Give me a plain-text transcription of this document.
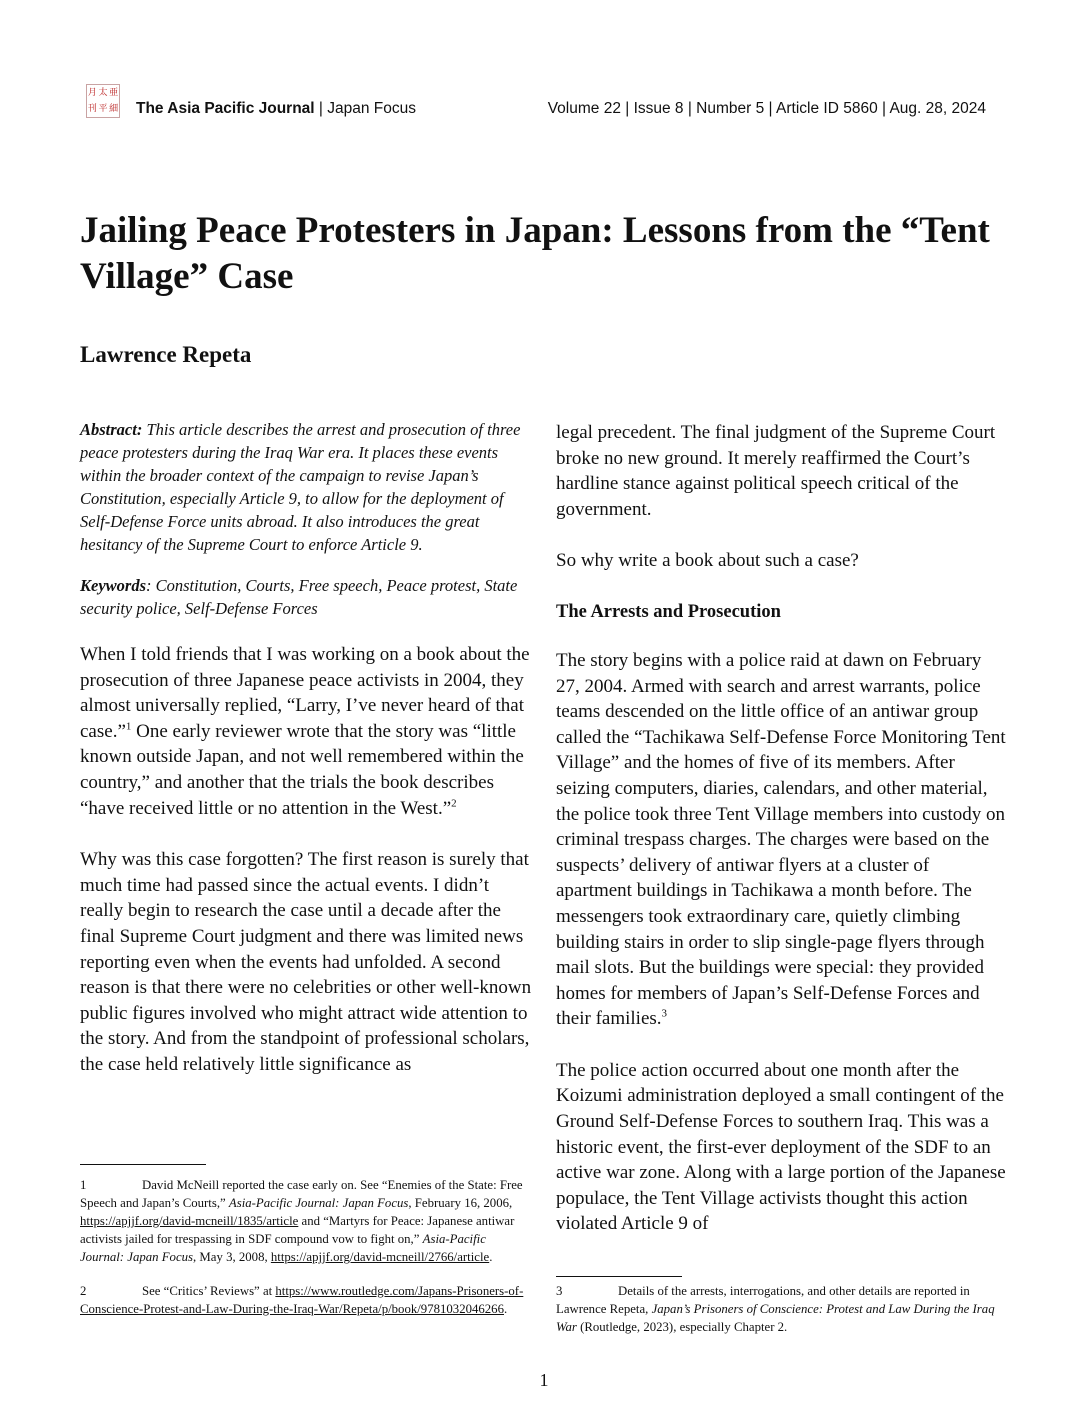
月 太 亜
刊 平 細 The Asia Pacific Journal | Japan Focus	Volume 22 | Issue 8 | Number 5 | Article ID 5860 | Aug. 28, 2024
Jailing Peace Protesters in Japan: Lessons from the “Tent Village” Case
Lawrence Repeta

Abstract: This article describes the arrest and prosecution of three peace protesters during the Iraq War era. It places these events within the broader context of the campaign to revise Japan’s Constitution, especially Article 9, to allow for the deployment of Self-Defense Force units abroad. It also introduces the great hesitancy of the Supreme Court to enforce Article 9.

Keywords: Constitution, Courts, Free speech, Peace protest, State security police, Self-Defense Forces

When I told friends that I was working on a book about the prosecution of three Japanese peace activists in 2004, they almost universally replied, “Larry, I’ve never heard of that case.”$^1$ One early reviewer wrote that the story was “little known outside Japan, and not well remembered within the country,” and another that the trials the book describes “have received little or no attention in the West.”$^2$

Why was this case forgotten? The first reason is surely that much time had passed since the actual events. I didn’t really begin to research the case until a decade after the final Supreme Court judgment and there was limited news reporting even when the events had unfolded. A second reason is that there were no celebrities or other well-known public figures involved who might attract wide attention to the story. And from the standpoint of professional scholars, the case held relatively little significance as

legal precedent. The final judgment of the Supreme Court broke no new ground. It merely reaffirmed the Court’s hardline stance against political speech critical of the government.

So why write a book about such a case?

The Arrests and Prosecution

The story begins with a police raid at dawn on February 27, 2004. Armed with search and arrest warrants, police teams descended on the little office of an antiwar group called the “Tachikawa Self-Defense Force Monitoring Tent Village” and the homes of five of its members. After seizing computers, diaries, calendars, and other material, the police took three Tent Village members into custody on criminal trespass charges. The charges were based on the suspects’ delivery of antiwar flyers at a cluster of apartment buildings in Tachikawa a month before. The messengers took extraordinary care, quietly climbing building stairs in order to slip single-page flyers through mail slots. But the buildings were special: they provided homes for members of Japan’s Self-Defense Forces and their families.$^3$

The police action occurred about one month after the Koizumi administration deployed a small contingent of the Ground Self-Defense Forces to southern Iraq. This was a historic event, the first-ever deployment of the SDF to an active war zone. Along with a large portion of the Japanese populace, the Tent Village activists thought this action violated Article 9 of

1	David McNeill reported the case early on. See “Enemies of the State: Free Speech and Japan’s Courts,” Asia-Pacific Journal: Japan Focus, February 16, 2006, https://apjjf.org/david-mcneill/1835/article and “Martyrs for Peace: Japanese antiwar activists jailed for trespassing in SDF compound vow to fight on,” Asia-Pacific Journal: Japan Focus, May 3, 2008, https://apjjf.org/david-mcneill/2766/article.
2	See “Critics’ Reviews” at https://www.routledge.com/Japans-Prisoners-of-Conscience-Protest-and-Law-During-the-Iraq-War/Repeta/p/book/9781032046266.
3	Details of the arrests, interrogations, and other details are reported in Lawrence Repeta, Japan’s Prisoners of Conscience: Protest and Law During the Iraq War (Routledge, 2023), especially Chapter 2.
1
